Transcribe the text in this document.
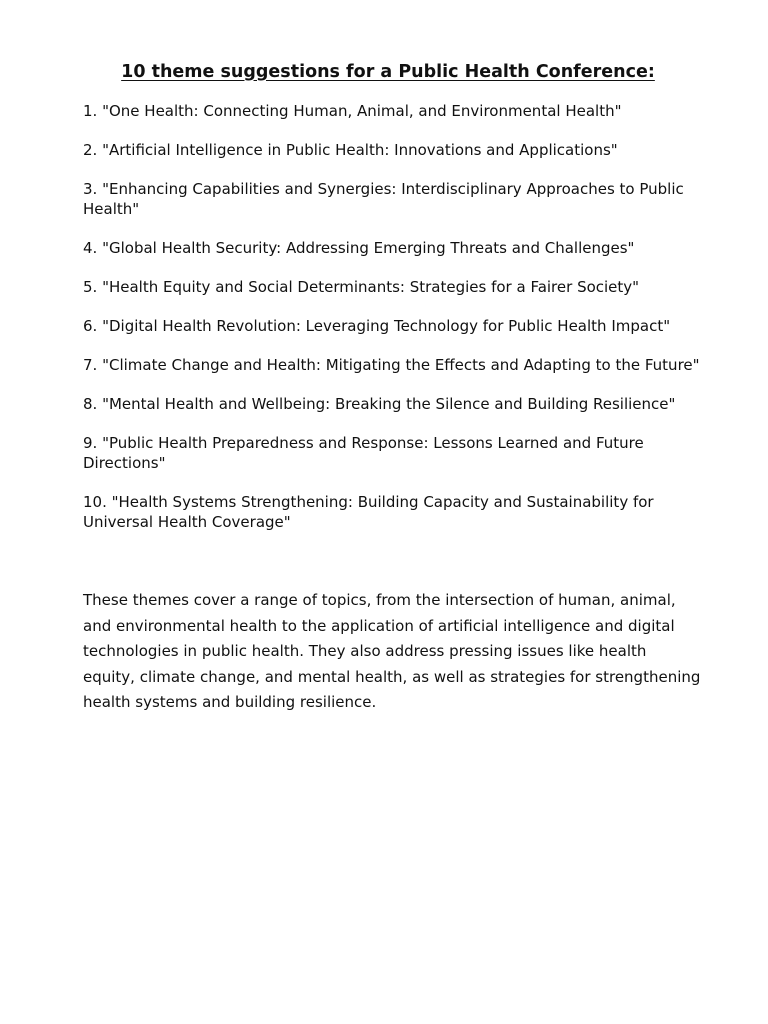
10 theme suggestions for a Public Health Conference:
1. "One Health: Connecting Human, Animal, and Environmental Health"
2. "Artificial Intelligence in Public Health: Innovations and Applications"
3. "Enhancing Capabilities and Synergies: Interdisciplinary Approaches to Public Health"
4. "Global Health Security: Addressing Emerging Threats and Challenges"
5. "Health Equity and Social Determinants: Strategies for a Fairer Society"
6. "Digital Health Revolution: Leveraging Technology for Public Health Impact"
7. "Climate Change and Health: Mitigating the Effects and Adapting to the Future"
8. "Mental Health and Wellbeing: Breaking the Silence and Building Resilience"
9. "Public Health Preparedness and Response: Lessons Learned and Future Directions"
10. "Health Systems Strengthening: Building Capacity and Sustainability for Universal Health Coverage"

These themes cover a range of topics, from the intersection of human, animal, and environmental health to the application of artificial intelligence and digital technologies in public health. They also address pressing issues like health equity, climate change, and mental health, as well as strategies for strengthening health systems and building resilience.
